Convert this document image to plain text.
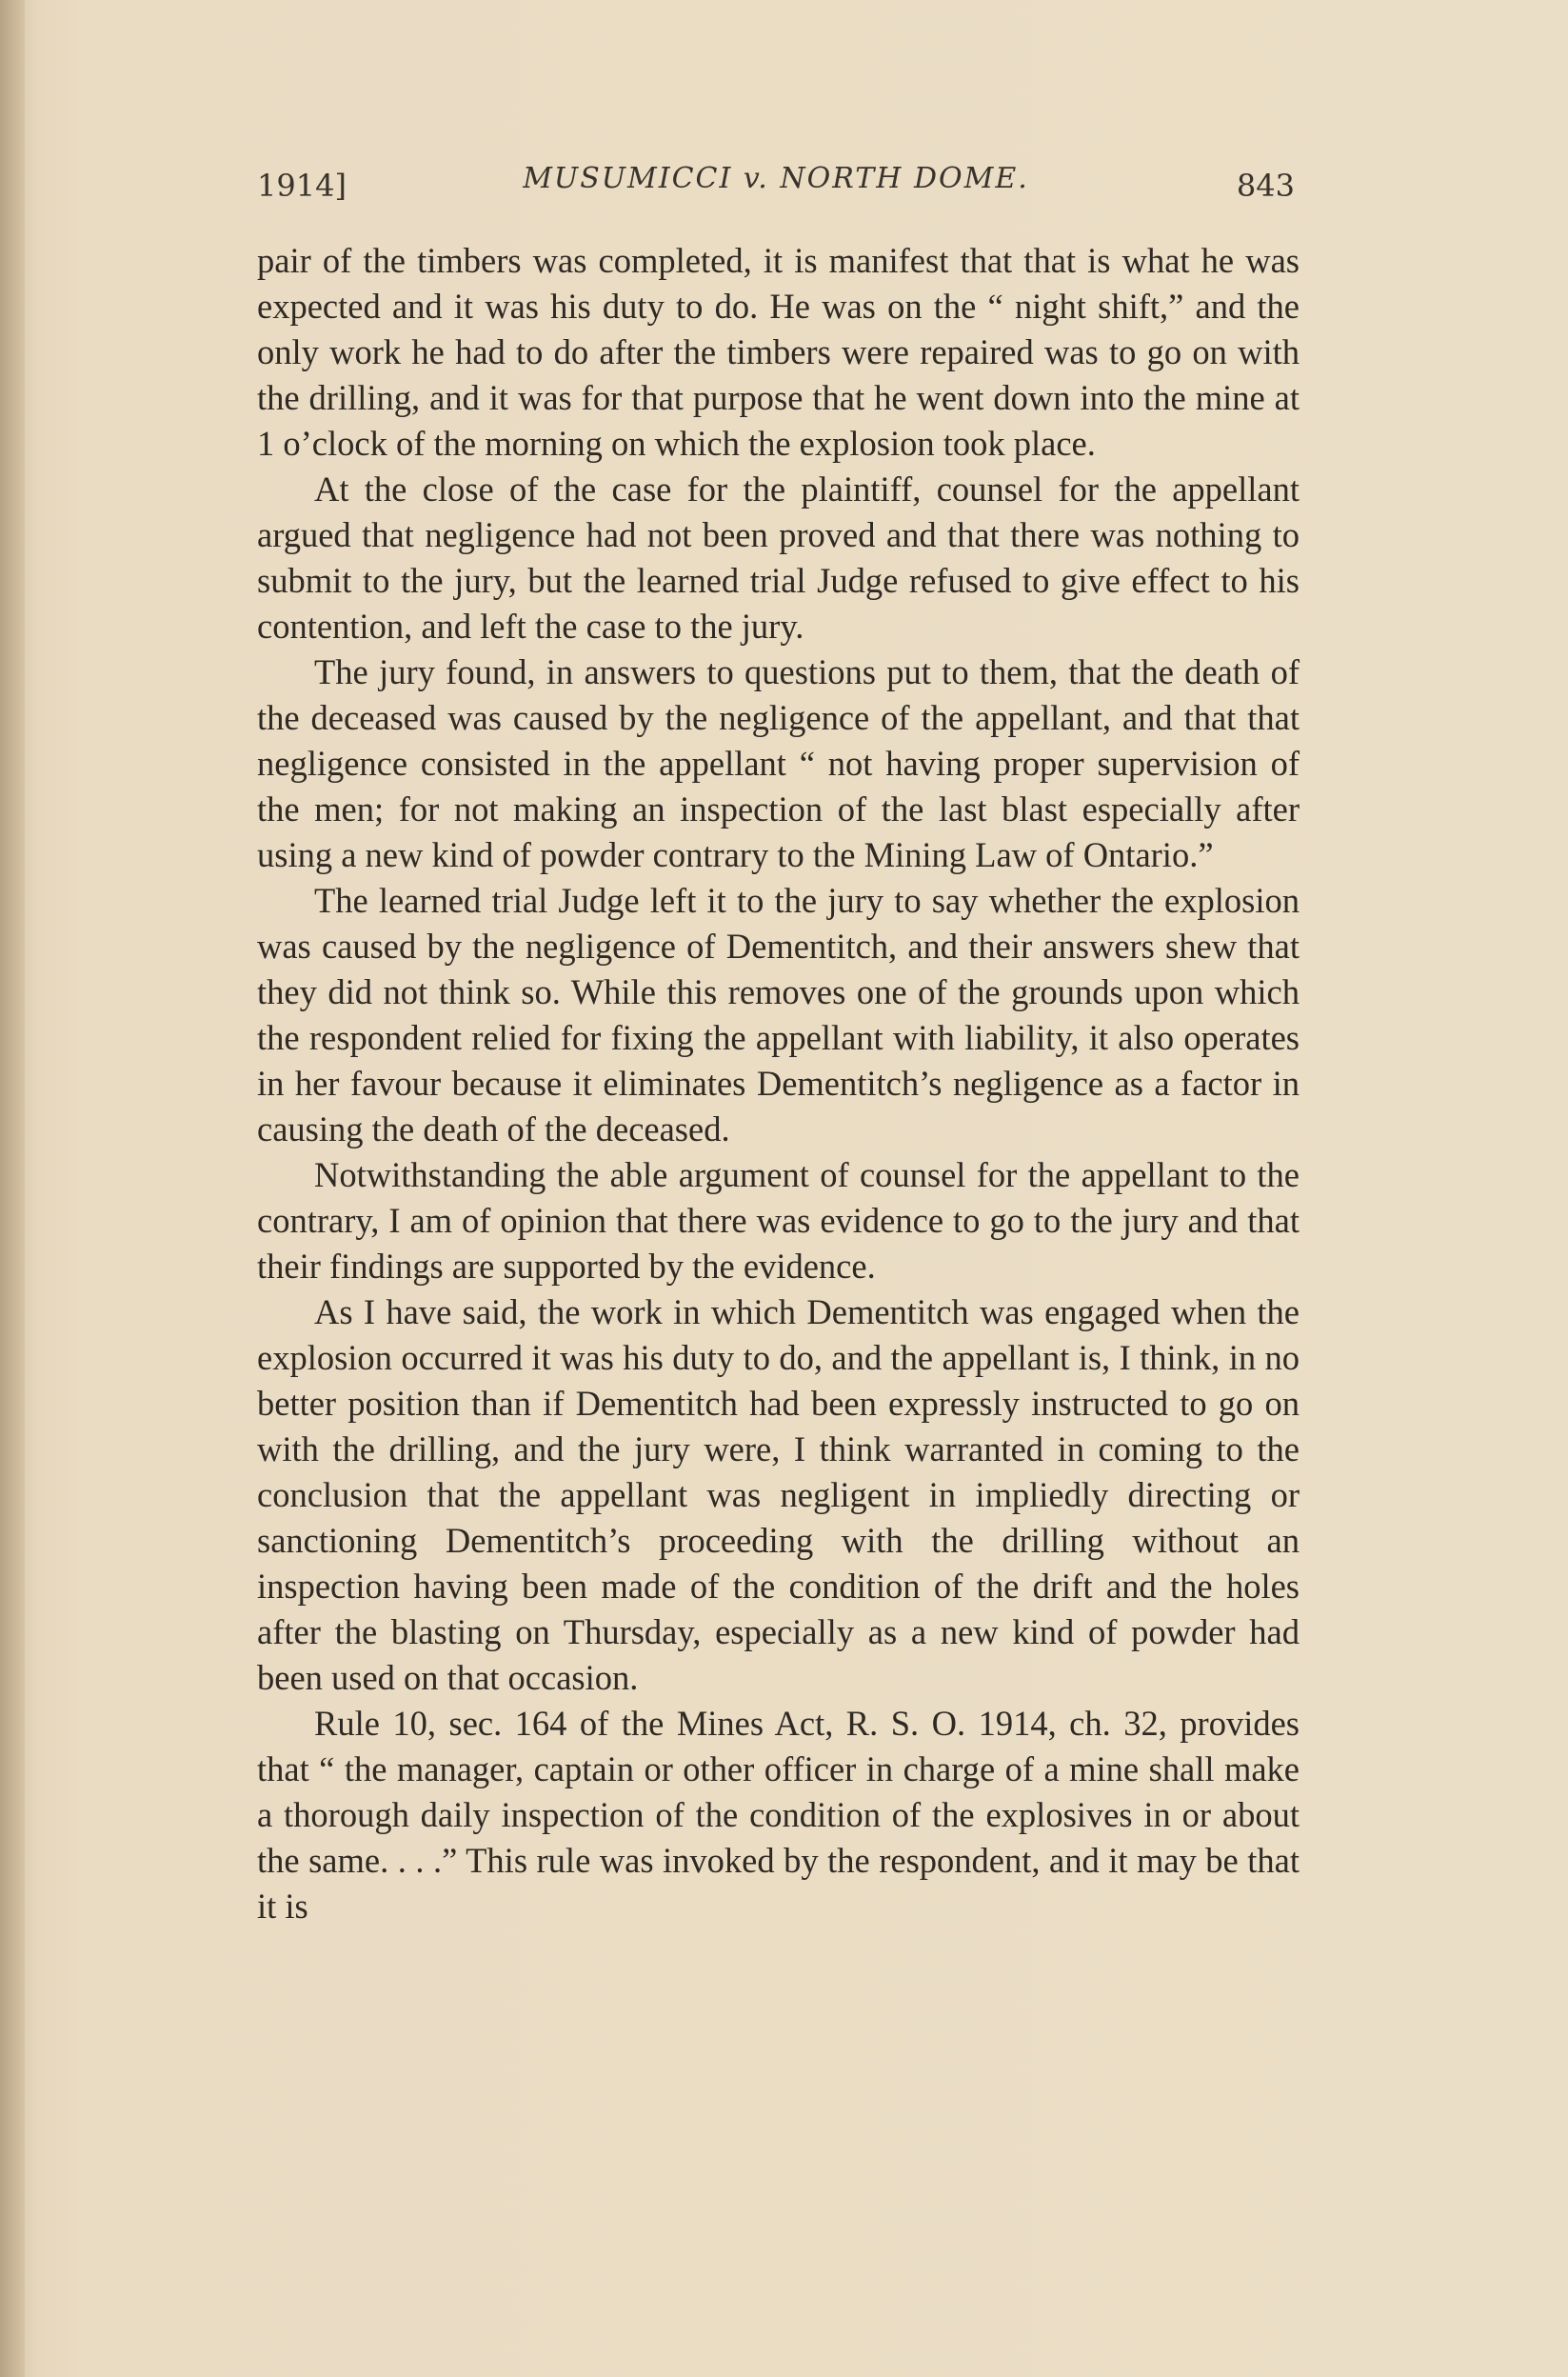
1914]	MUSUMICCI v. NORTH DOME.	843

pair of the timbers was completed, it is manifest that that is what he was expected and it was his duty to do. He was on the “ night shift,” and the only work he had to do after the timbers were repaired was to go on with the drilling, and it was for that purpose that he went down into the mine at 1 o’clock of the morning on which the explosion took place.

At the close of the case for the plaintiff, counsel for the appellant argued that negligence had not been proved and that there was nothing to submit to the jury, but the learned trial Judge refused to give effect to his contention, and left the case to the jury.

The jury found, in answers to questions put to them, that the death of the deceased was caused by the negligence of the appellant, and that that negligence consisted in the appellant “ not having proper supervision of the men; for not making an inspection of the last blast especially after using a new kind of powder contrary to the Mining Law of Ontario.”

The learned trial Judge left it to the jury to say whether the explosion was caused by the negligence of Dementitch, and their answers shew that they did not think so. While this removes one of the grounds upon which the respondent relied for fixing the appellant with liability, it also operates in her favour because it eliminates Dementitch’s negligence as a factor in causing the death of the deceased.

Notwithstanding the able argument of counsel for the appellant to the contrary, I am of opinion that there was evidence to go to the jury and that their findings are supported by the evidence.

As I have said, the work in which Dementitch was engaged when the explosion occurred it was his duty to do, and the appellant is, I think, in no better position than if Dementitch had been expressly instructed to go on with the drilling, and the jury were, I think warranted in coming to the conclusion that the appellant was negligent in impliedly directing or sanctioning Dementitch’s proceeding with the drilling without an inspection having been made of the condition of the drift and the holes after the blasting on Thursday, especially as a new kind of powder had been used on that occasion.

Rule 10, sec. 164 of the Mines Act, R. S. O. 1914, ch. 32, provides that “ the manager, captain or other officer in charge of a mine shall make a thorough daily inspection of the condition of the explosives in or about the same. . . .” This rule was invoked by the respondent, and it may be that it is
